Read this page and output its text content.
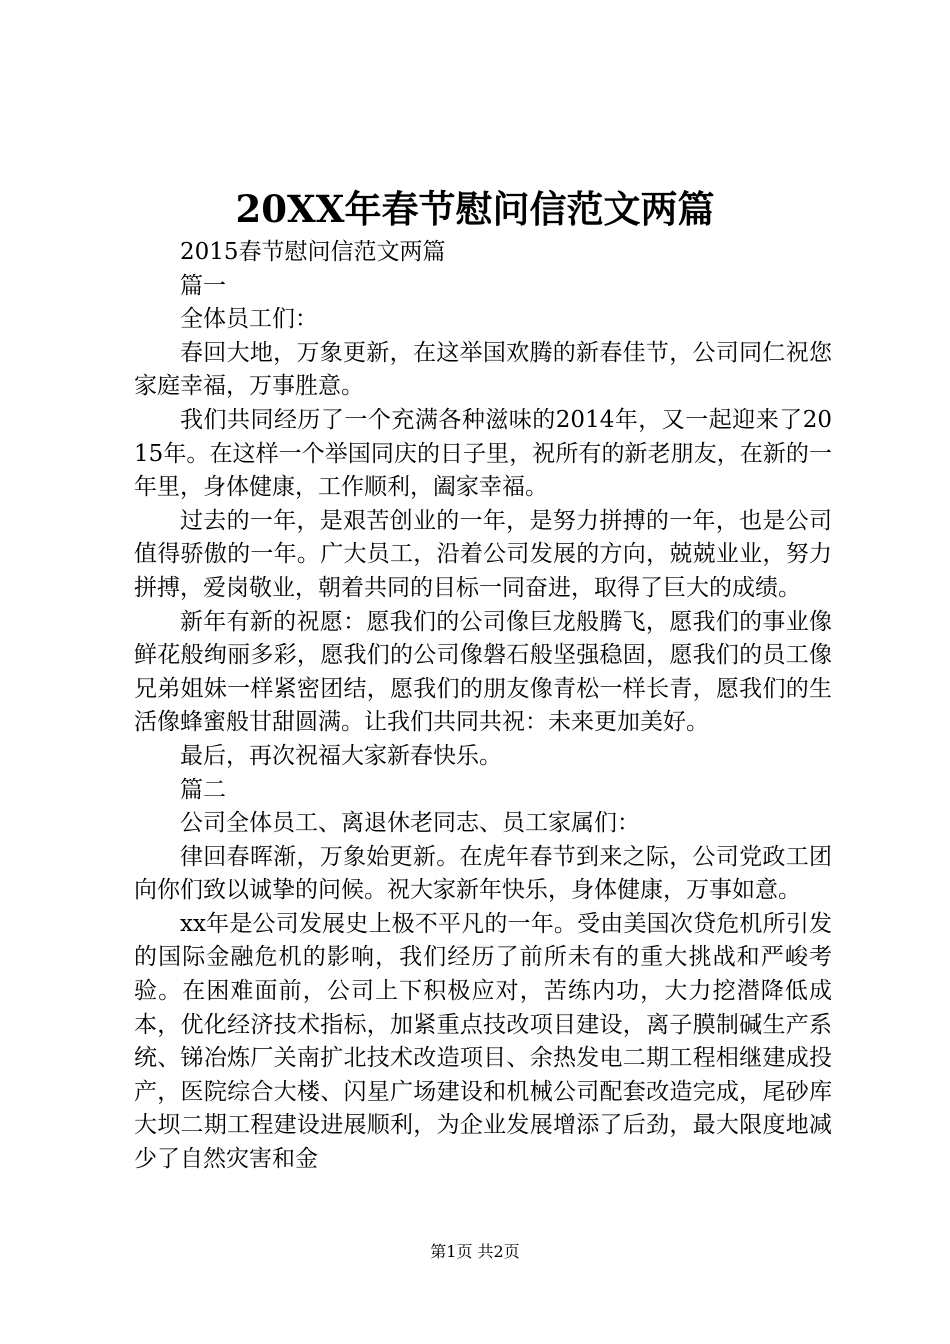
20XX年春节慰问信范文两篇

2015春节慰问信范文两篇

篇一

全体员工们：

春回大地，万象更新，在这举国欢腾的新春佳节，公司同仁祝您家庭幸福，万事胜意。

我们共同经历了一个充满各种滋味的2014年，又一起迎来了2015年。在这样一个举国同庆的日子里，祝所有的新老朋友，在新的一年里，身体健康，工作顺利，阖家幸福。

过去的一年，是艰苦创业的一年，是努力拼搏的一年，也是公司值得骄傲的一年。广大员工，沿着公司发展的方向，兢兢业业，努力拼搏，爱岗敬业，朝着共同的目标一同奋进，取得了巨大的成绩。

新年有新的祝愿：愿我们的公司像巨龙般腾飞，愿我们的事业像鲜花般绚丽多彩，愿我们的公司像磐石般坚强稳固，愿我们的员工像兄弟姐妹一样紧密团结，愿我们的朋友像青松一样长青，愿我们的生活像蜂蜜般甘甜圆满。让我们共同共祝：未来更加美好。

最后，再次祝福大家新春快乐。

篇二

公司全体员工、离退休老同志、员工家属们：

律回春晖渐，万象始更新。在虎年春节到来之际，公司党政工团向你们致以诚挚的问候。祝大家新年快乐，身体健康，万事如意。

xx年是公司发展史上极不平凡的一年。受由美国次贷危机所引发的国际金融危机的影响，我们经历了前所未有的重大挑战和严峻考验。在困难面前，公司上下积极应对，苦练内功，大力挖潜降低成本，优化经济技术指标，加紧重点技改项目建设，离子膜制碱生产系统、锑冶炼厂关南扩北技术改造项目、余热发电二期工程相继建成投产，医院综合大楼、闪星广场建设和机械公司配套改造完成，尾砂库大坝二期工程建设进展顺利，为企业发展增添了后劲，最大限度地减少了自然灾害和金

第1页 共2页
